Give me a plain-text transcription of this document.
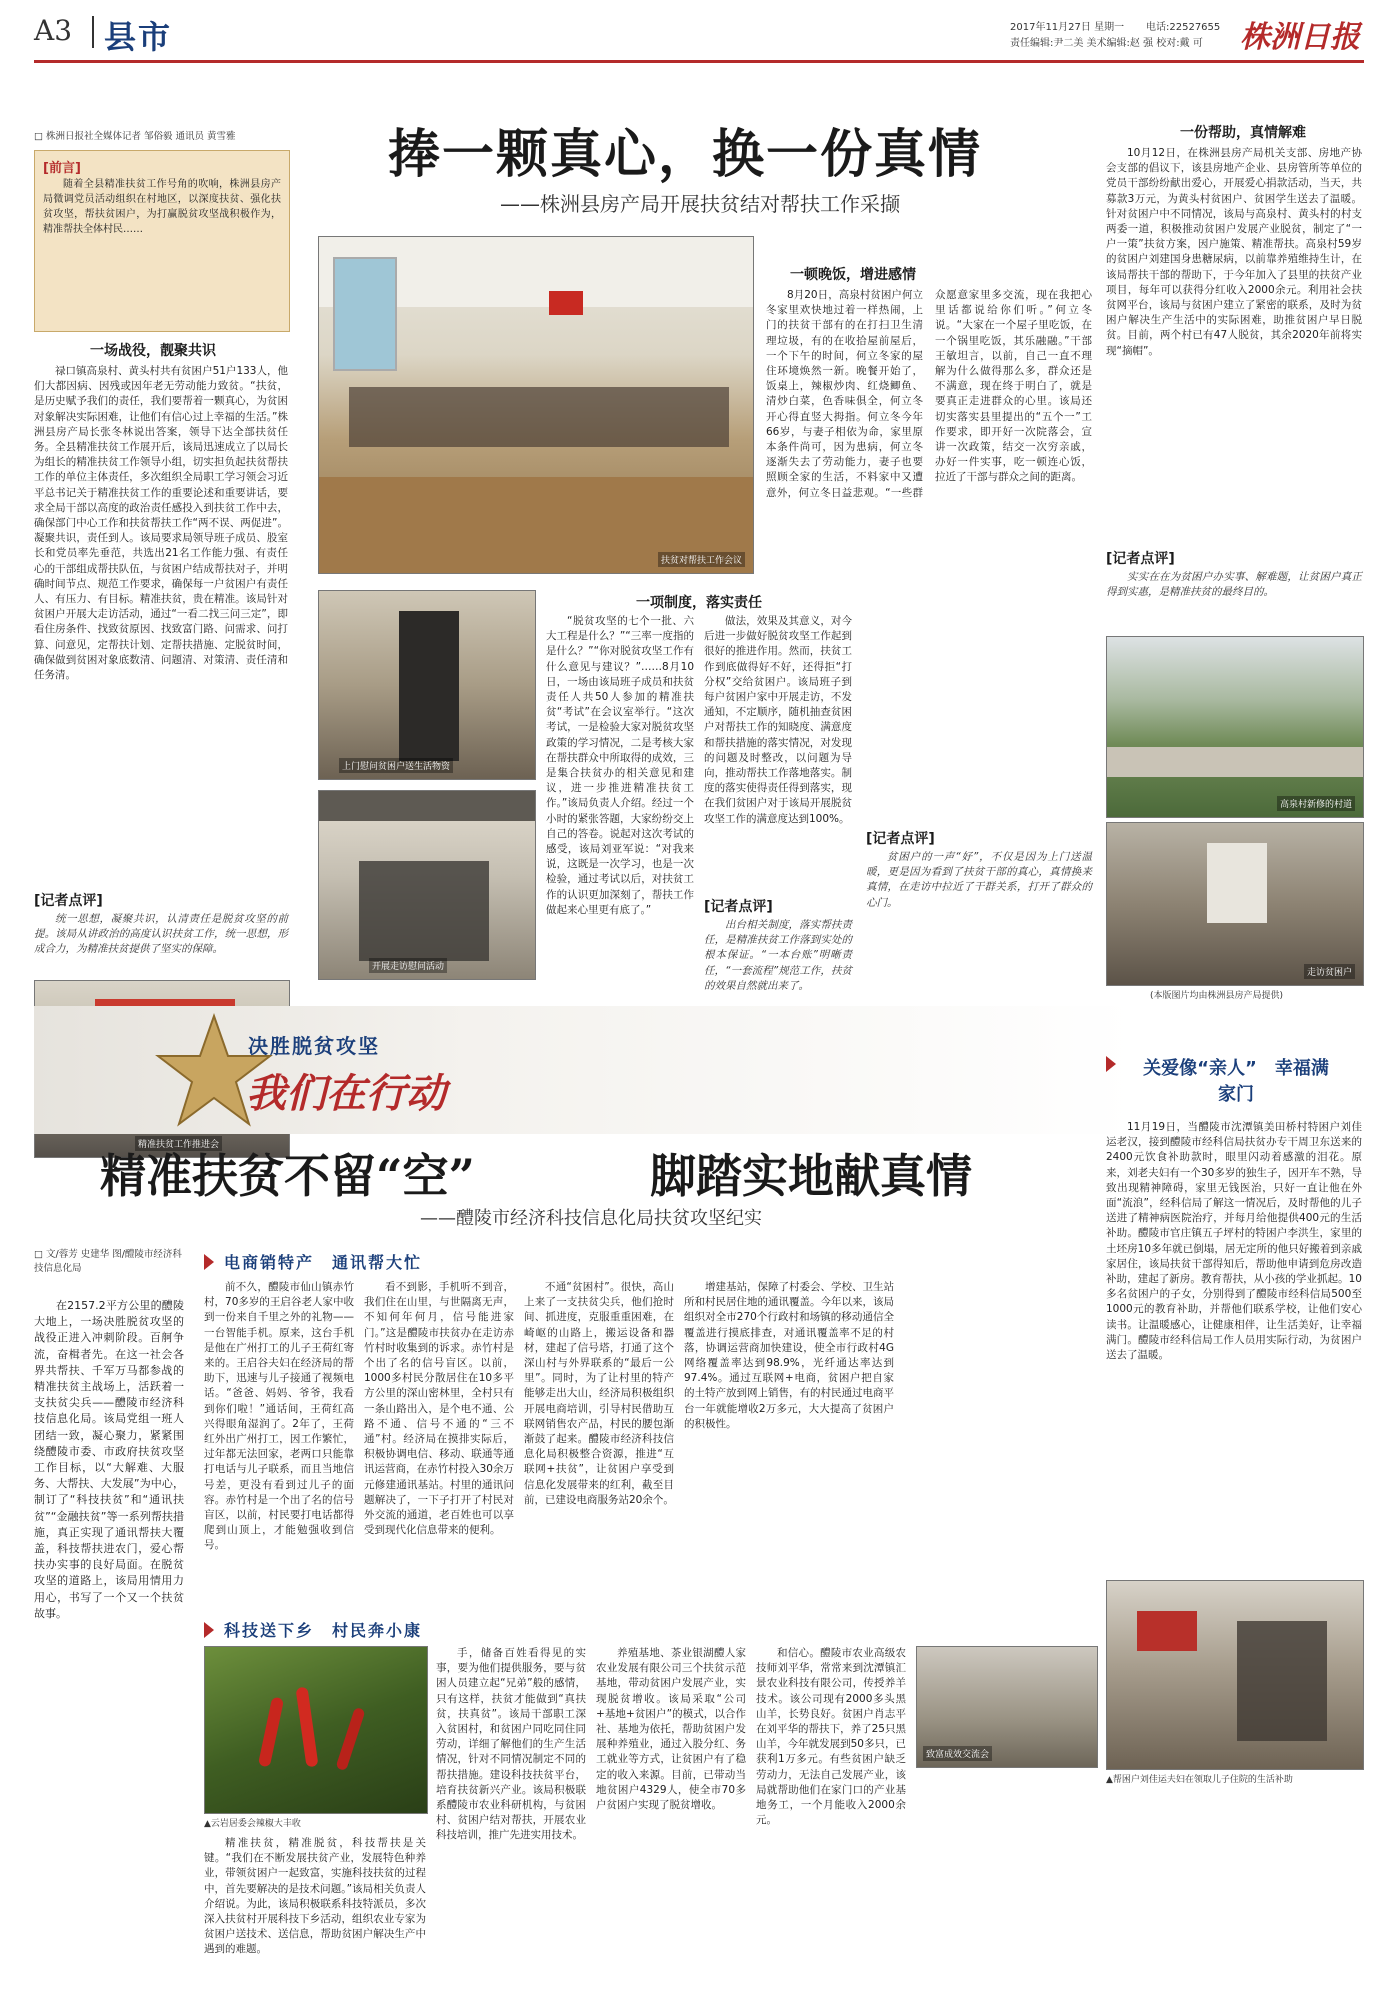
A3 县市	2017年11月27日 星期一 电话:22527655
责任编辑:尹二美 美术编辑:赵 强 校对:戴 可 株洲日报
□ 株洲日报社全媒体记者 邹俗毅 通讯员 黄雪雅	捧一颗真心，换一份真情
——株洲县房产局开展扶贫结对帮扶工作采撷
[前言]
随着全县精准扶贫工作号角的吹响，株洲县房产局微调党员活动组织在村地区，以深度扶贫、强化扶贫攻坚，帮扶贫困户，为打赢脱贫攻坚战积极作为，精准帮扶全体村民……
一场战役，靓聚共识
禄口镇高泉村、黄头村共有贫困户51户133人，他们大都因病、因残或因年老无劳动能力致贫。“扶贫，是历史赋予我们的责任，我们要帮着一颗真心，为贫困对象解决实际困难，让他们有信心过上幸福的生活。”株洲县房产局长张冬林说出答案，领导下达全部扶贫任务。全县精准扶贫工作展开后，该局迅速成立了以局长为组长的精准扶贫工作领导小组，切实担负起扶贫帮扶工作的单位主体责任，多次组织全局职工学习领会习近平总书记关于精准扶贫工作的重要论述和重要讲话，要求全局干部以高度的政治责任感投入到扶贫工作中去，确保部门中心工作和扶贫帮扶工作“两不误、两促进”。凝聚共识，责任到人。该局要求局领导班子成员、股室长和党员率先垂范，共选出21名工作能力强、有责任心的干部组成帮扶队伍，与贫困户结成帮扶对子，并明确时间节点、规范工作要求，确保每一户贫困户有责任人、有压力、有目标。精准扶贫，贵在精准。该局针对贫困户开展大走访活动，通过“一看二找三问三定”，即看住房条件、找致贫原因、找致富门路、问需求、问打算、问意见，定帮扶计划、定帮扶措施、定脱贫时间，确保做到贫困对象底数清、问题清、对策清、责任清和任务清。
[记者点评]
统一思想，凝聚共识，认清责任是脱贫攻坚的前提。该局从讲政治的高度认识扶贫工作，统一思想，形成合力，为精准扶贫提供了坚实的保障。
精准扶贫工作推进会
扶贫对帮扶工作会议
上门慰问贫困户送生活物资
开展走访慰问活动
一项制度，落实责任
“脱贫攻坚的七个一批、六大工程是什么？”“三率一度指的是什么？”“你对脱贫攻坚工作有什么意见与建议？”……8月10日，一场由该局班子成员和扶贫责任人共50人参加的精准扶贫“考试”在会议室举行。“这次考试，一是检验大家对脱贫攻坚政策的学习情况，二是考核大家在帮扶群众中所取得的成效，三是集合扶贫办的相关意见和建议，进一步推进精准扶贫工作。”该局负责人介绍。经过一个小时的紧张答题，大家纷纷交上自己的答卷。说起对这次考试的感受，该局刘亚军说：“对我来说，这既是一次学习，也是一次检验，通过考试以后，对扶贫工作的认识更加深刻了，帮扶工作做起来心里更有底了。”
做法，效果及其意义，对今后进一步做好脱贫攻坚工作起到很好的推进作用。然而，扶贫工作到底做得好不好，还得拒“打分权”交给贫困户。该局班子到每户贫困户家中开展走访，不发通知，不定顺序，随机抽查贫困户对帮扶工作的知晓度、满意度和帮扶措施的落实情况，对发现的问题及时整改，以问题为导向，推动帮扶工作落地落实。制度的落实使得责任得到落实，现在我们贫困户对于该局开展脱贫攻坚工作的满意度达到100%。
[记者点评]
出台相关制度，落实帮扶责任，是精准扶贫工作落到实处的根本保证。“一本台账”明晰责任，“一套流程”规范工作，扶贫的效果自然就出来了。
一顿晚饭，增进感情
8月20日，高泉村贫困户何立冬家里欢快地过着一样热闹，上门的扶贫干部有的在打扫卫生清理垃圾，有的在收拾屋前屋后，一个下午的时间，何立冬家的屋住环境焕然一新。晚餐开始了，饭桌上，辣椒炒肉、红烧鲫鱼、清炒白菜，色香味俱全，何立冬开心得直竖大拇指。何立冬今年66岁，与妻子相依为命，家里原本条件尚可，因为患病，何立冬逐渐失去了劳动能力，妻子也要照顾全家的生活，不料家中又遭意外，何立冬日益悲观。“一些群众愿意家里多交流，现在我把心里话都说给你们听。”何立冬说。“大家在一个屋子里吃饭，在一个锅里吃饭，其乐融融。”干部王敏坦言，以前，自己一直不理解为什么做得那么多，群众还是不满意，现在终于明白了，就是要真正走进群众的心里。该局还切实落实县里提出的“五个一”工作要求，即开好一次院落会，宣讲一次政策，结交一次穷亲戚，办好一件实事，吃一顿连心饭，拉近了干部与群众之间的距离。
[记者点评]
贫困户的一声“好”，不仅是因为上门送温暖，更是因为看到了扶贫干部的真心，真情换来真情，在走访中拉近了干群关系，打开了群众的心门。
一份帮助，真情解难
10月12日，在株洲县房产局机关支部、房地产协会支部的倡议下，该县房地产企业、县房管所等单位的党员干部纷纷献出爱心，开展爱心捐款活动，当天，共募款3万元，为黄头村贫困户、贫困学生送去了温暖。针对贫困户中不同情况，该局与高泉村、黄头村的村支两委一道，积极推动贫困户发展产业脱贫，制定了“一户一策”扶贫方案，因户施策、精准帮扶。高泉村59岁的贫困户刘建国身患糖尿病，以前靠养殖维持生计，在该局帮扶干部的帮助下，于今年加入了县里的扶贫产业项目，每年可以获得分红收入2000余元。利用社会扶贫网平台，该局与贫困户建立了紧密的联系，及时为贫困户解决生产生活中的实际困难，助推贫困户早日脱贫。目前，两个村已有47人脱贫，其余2020年前将实现“摘帽”。
[记者点评]
实实在在为贫困户办实事、解难题，让贫困户真正得到实惠，是精准扶贫的最终目的。
高泉村新修的村道
走访贫困户
(本版图片均由株洲县房产局提供)
决胜脱贫攻坚
我们在行动
精准扶贫不留“空”	脚踏实地献真情
——醴陵市经济科技信息化局扶贫攻坚纪实
□ 文/蓉芳 史建华 图/醴陵市经济科技信息化局
在2157.2平方公里的醴陵大地上，一场决胜脱贫攻坚的战役正进入冲刺阶段。百舸争流，奋楫者先。在这一社会各界共帮扶、千军万马都参战的精准扶贫主战场上，活跃着一支扶贫尖兵——醴陵市经济科技信息化局。该局党组一班人团结一致，凝心聚力，紧紧围绕醴陵市委、市政府扶贫攻坚工作目标，以“大解难、大服务、大帮扶、大发展”为中心，制订了“科技扶贫”和“通讯扶贫”“金融扶贫”等一系列帮扶措施，真正实现了通讯帮扶大覆盖，科技帮扶进农门，爱心帮扶办实事的良好局面。在脱贫攻坚的道路上，该局用情用力用心，书写了一个又一个扶贫故事。
电商销特产　通讯帮大忙
前不久，醴陵市仙山镇赤竹村，70多岁的王启谷老人家中收到一份来自千里之外的礼物——一台智能手机。原来，这台手机是他在广州打工的儿子王荷红寄来的。王启谷夫妇在经济局的帮助下，迅速与儿子接通了视频电话。“爸爸、妈妈、爷爷，我看到你们啦！”通话间，王荷红高兴得眼角湿润了。2年了，王荷红外出广州打工，因工作繁忙，过年都无法回家，老两口只能靠打电话与儿子联系，而且当地信号差，更没有看到过儿子的面容。赤竹村是一个出了名的信号盲区，以前，村民要打电话都得爬到山顶上，才能勉强收到信号。
看不到影，手机听不到音，我们住在山里，与世隔离无声，不知何年何月，信号能进家门。”这是醴陵市扶贫办在走访赤竹村时收集到的诉求。赤竹村是个出了名的信号盲区。以前，1000多村民分散居住在10多平方公里的深山密林里，全村只有一条山路出入，是个电不通、公路不通、信号不通的“三不通”村。经济局在摸排实际后，积极协调电信、移动、联通等通讯运营商，在赤竹村投入30余万元修建通讯基站。村里的通讯问题解决了，一下子打开了村民对外交流的通道，老百姓也可以享受到现代化信息带来的便利。
不通“贫困村”。很快，高山上来了一支扶贫尖兵，他们抢时间、抓进度，克服重重困难，在崎岖的山路上，搬运设备和器材，建起了信号塔，打通了这个深山村与外界联系的“最后一公里”。同时，为了让村里的特产能够走出大山，经济局积极组织开展电商培训，引导村民借助互联网销售农产品，村民的腰包渐渐鼓了起来。醴陵市经济科技信息化局积极整合资源，推进“互联网+扶贫”，让贫困户享受到信息化发展带来的红利，截至目前，已建设电商服务站20余个。
增建基站，保障了村委会、学校、卫生站所和村民居住地的通讯覆盖。今年以来，该局组织对全市270个行政村和场镇的移动通信全覆盖进行摸底排查，对通讯覆盖率不足的村落，协调运营商加快建设，使全市行政村4G网络覆盖率达到98.9%，光纤通达率达到97.4%。通过互联网+电商，贫困户把自家的土特产放到网上销售，有的村民通过电商平台一年就能增收2万多元，大大提高了贫困户的积极性。
科技送下乡　村民奔小康
▲云岩居委会辣椒大丰收
精准扶贫，精准脱贫，科技帮扶是关键。“我们在不断发展扶贫产业，发展特色种养业，带领贫困户一起致富，实施科技扶贫的过程中，首先要解决的是技术问题。”该局相关负责人介绍说。为此，该局积极联系科技特派员，多次深入扶贫村开展科技下乡活动，组织农业专家为贫困户送技术、送信息，帮助贫困户解决生产中遇到的难题。
手，储备百姓看得见的实事，要为他们提供服务，要与贫困人员建立起“兄弟”般的感情，只有这样，扶贫才能做到“真扶贫，扶真贫”。该局干部职工深入贫困村，和贫困户同吃同住同劳动，详细了解他们的生产生活情况，针对不同情况制定不同的帮扶措施。建设科技扶贫平台，培育扶贫新兴产业。该局积极联系醴陵市农业科研机构，与贫困村、贫困户结对帮扶，开展农业科技培训，推广先进实用技术。
养殖基地、茶业银湖醴人家农业发展有限公司三个扶贫示范基地，带动贫困户发展产业，实现脱贫增收。该局采取“公司+基地+贫困户”的模式，以合作社、基地为依托，帮助贫困户发展种养殖业，通过入股分红、务工就业等方式，让贫困户有了稳定的收入来源。目前，已带动当地贫困户4329人，使全市70多户贫困户实现了脱贫增收。
和信心。醴陵市农业高级农技师刘平华，常常来到沈潭镇汇景农业科技有限公司，传授养羊技术。该公司现有2000多头黑山羊，长势良好。贫困户肖志平在刘平华的帮扶下，养了25只黑山羊，今年就发展到50多只，已获利1万多元。有些贫困户缺乏劳动力，无法自己发展产业，该局就帮助他们在家门口的产业基地务工，一个月能收入2000余元。
关爱像“亲人”　幸福满家门
11月19日，当醴陵市沈潭镇美田桥村特困户刘佳运老汉，接到醴陵市经科信局扶贫办专干周卫东送来的2400元饮食补助款时，眼里闪动着感激的泪花。原来，刘老夫妇有一个30多岁的独生子，因开车不熟，导致出现精神障碍，家里无钱医治，只好一直让他在外面“流浪”，经科信局了解这一情况后，及时帮他的儿子送进了精神病医院治疗，并每月给他提供400元的生活补助。醴陵市官庄镇五子坪村的特困户李洪生，家里的土坯房10多年就已倒塌，居无定所的他只好搬着到亲戚家居住，该局扶贫干部得知后，帮助他申请到危房改造补助，建起了新房。教育帮扶，从小孩的学业抓起。10多名贫困户的子女，分别得到了醴陵市经科信局500至1000元的教育补助，并帮他们联系学校，让他们安心读书。让温暖感心，让健康相伴，让生活美好，让幸福满门。醴陵市经科信局工作人员用实际行动，为贫困户送去了温暖。
▲帮困户刘佳运夫妇在领取儿子住院的生活补助
致富成效交流会
